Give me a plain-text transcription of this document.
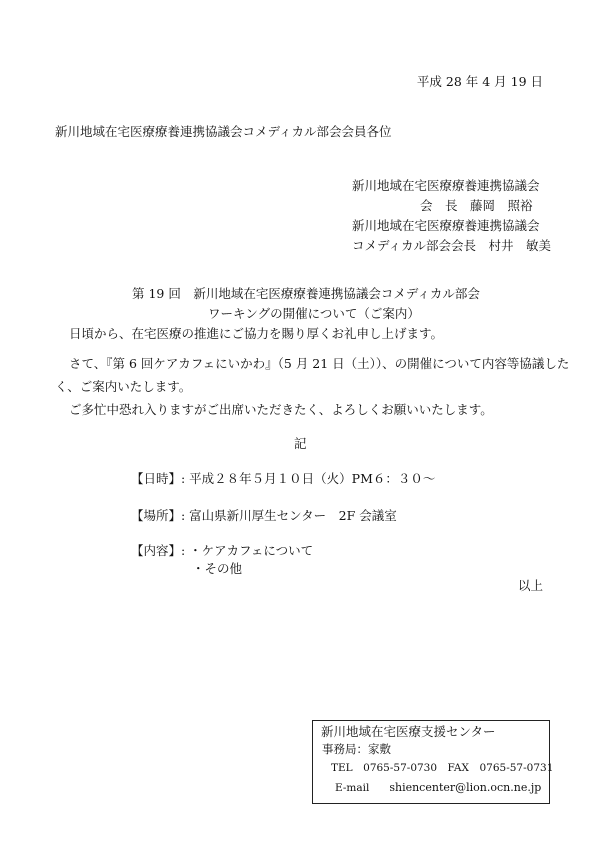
平成 28 年 4 月 19 日

新川地域在宅医療療養連携協議会コメディカル部会会員各位

新川地域在宅医療療養連携協議会
会　長　藤岡　照裕
新川地域在宅医療療養連携協議会
コメディカル部会会長　村井　敏美

第 19 回　新川地域在宅医療療養連携協議会コメディカル部会

ワーキングの開催について（ご案内）

日頃から、在宅医療の推進にご協力を賜り厚くお礼申し上げます。

さて、『第 6 回ケアカフェにいかわ』（5 月 21 日（土））、の開催について内容等協議した

く、ご案内いたします。

ご多忙中恐れ入りますがご出席いただきたく、よろしくお願いいたします。

記

【日時】: 平成２８年５月１０日（火）PM６：３０～
【場所】: 富山県新川厚生センター　2F 会議室
【内容】: ・ケアカフェについて
・その他

以上

新川地域在宅医療支援センター
事務局：家敷
TEL　0765-57-0730　FAX　0765-57-0731
E-mail shiencenter@lion.ocn.ne.jp
